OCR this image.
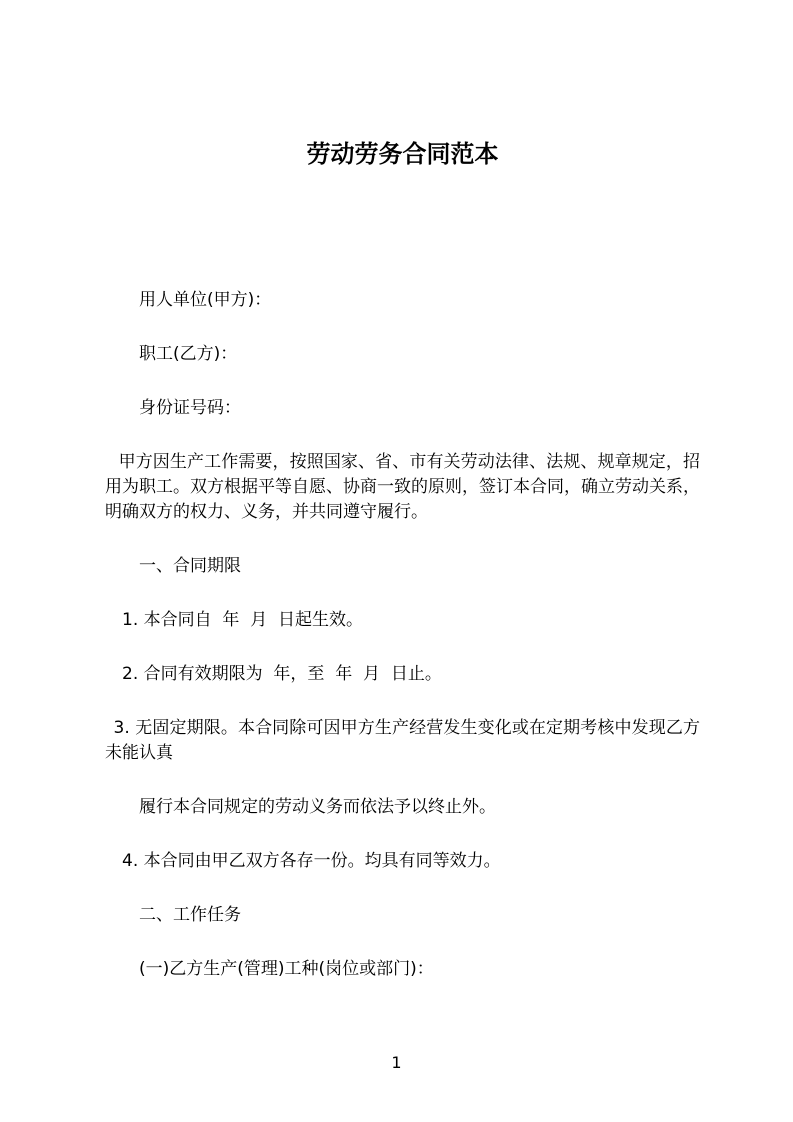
劳动劳务合同范本

用人单位(甲方)：

职工(乙方)：

身份证号码：

甲方因生产工作需要，按照国家、省、市有关劳动法律、法规、规章规定，招用为职工。双方根据平等自愿、协商一致的原则，签订本合同，确立劳动关系，明确双方的权力、义务，并共同遵守履行。

一、合同期限

1. 本合同自  年  月  日起生效。

2. 合同有效期限为  年，至  年  月  日止。

3. 无固定期限。本合同除可因甲方生产经营发生变化或在定期考核中发现乙方未能认真

履行本合同规定的劳动义务而依法予以终止外。

4. 本合同由甲乙双方各存一份。均具有同等效力。

二、工作任务

(一)乙方生产(管理)工种(岗位或部门)：

1
